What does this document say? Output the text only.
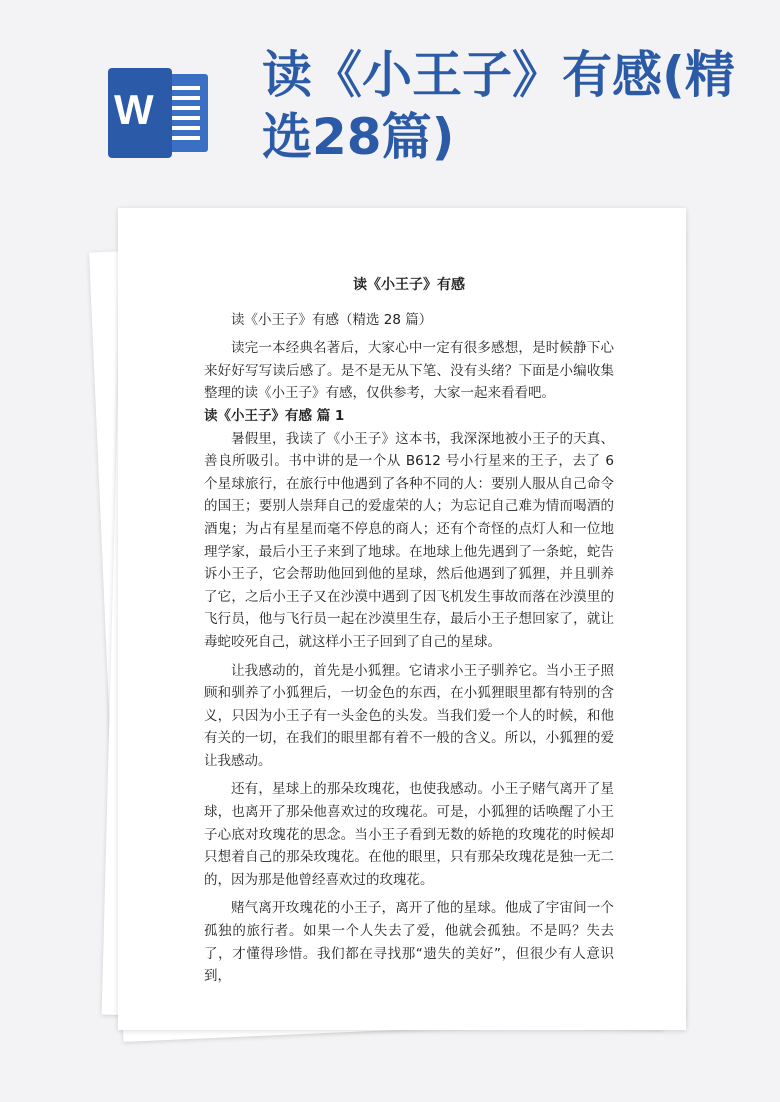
W
读《小王子》有感(精选28篇)
读《小王子》有感

读《小王子》有感（精选 28 篇）

读完一本经典名著后，大家心中一定有很多感想，是时候静下心来好好写写读后感了。是不是无从下笔、没有头绪？下面是小编收集整理的读《小王子》有感，仅供参考，大家一起来看看吧。

读《小王子》有感 篇 1

暑假里，我读了《小王子》这本书，我深深地被小王子的天真、善良所吸引。书中讲的是一个从 B612 号小行星来的王子，去了 6 个星球旅行，在旅行中他遇到了各种不同的人：要别人服从自己命令的国王；要别人崇拜自己的爱虚荣的人；为忘记自己难为情而喝酒的酒鬼；为占有星星而毫不停息的商人；还有个奇怪的点灯人和一位地理学家，最后小王子来到了地球。在地球上他先遇到了一条蛇，蛇告诉小王子，它会帮助他回到他的星球，然后他遇到了狐狸，并且驯养了它，之后小王子又在沙漠中遇到了因飞机发生事故而落在沙漠里的飞行员，他与飞行员一起在沙漠里生存，最后小王子想回家了，就让毒蛇咬死自己，就这样小王子回到了自己的星球。

让我感动的，首先是小狐狸。它请求小王子驯养它。当小王子照顾和驯养了小狐狸后，一切金色的东西，在小狐狸眼里都有特别的含义，只因为小王子有一头金色的头发。当我们爱一个人的时候，和他有关的一切，在我们的眼里都有着不一般的含义。所以，小狐狸的爱让我感动。

还有，星球上的那朵玫瑰花，也使我感动。小王子赌气离开了星球，也离开了那朵他喜欢过的玫瑰花。可是，小狐狸的话唤醒了小王子心底对玫瑰花的思念。当小王子看到无数的娇艳的玫瑰花的时候却只想着自己的那朵玫瑰花。在他的眼里，只有那朵玫瑰花是独一无二的，因为那是他曾经喜欢过的玫瑰花。

赌气离开玫瑰花的小王子，离开了他的星球。他成了宇宙间一个孤独的旅行者。如果一个人失去了爱，他就会孤独。不是吗？失去了，才懂得珍惜。我们都在寻找那“遗失的美好”，但很少有人意识到，
